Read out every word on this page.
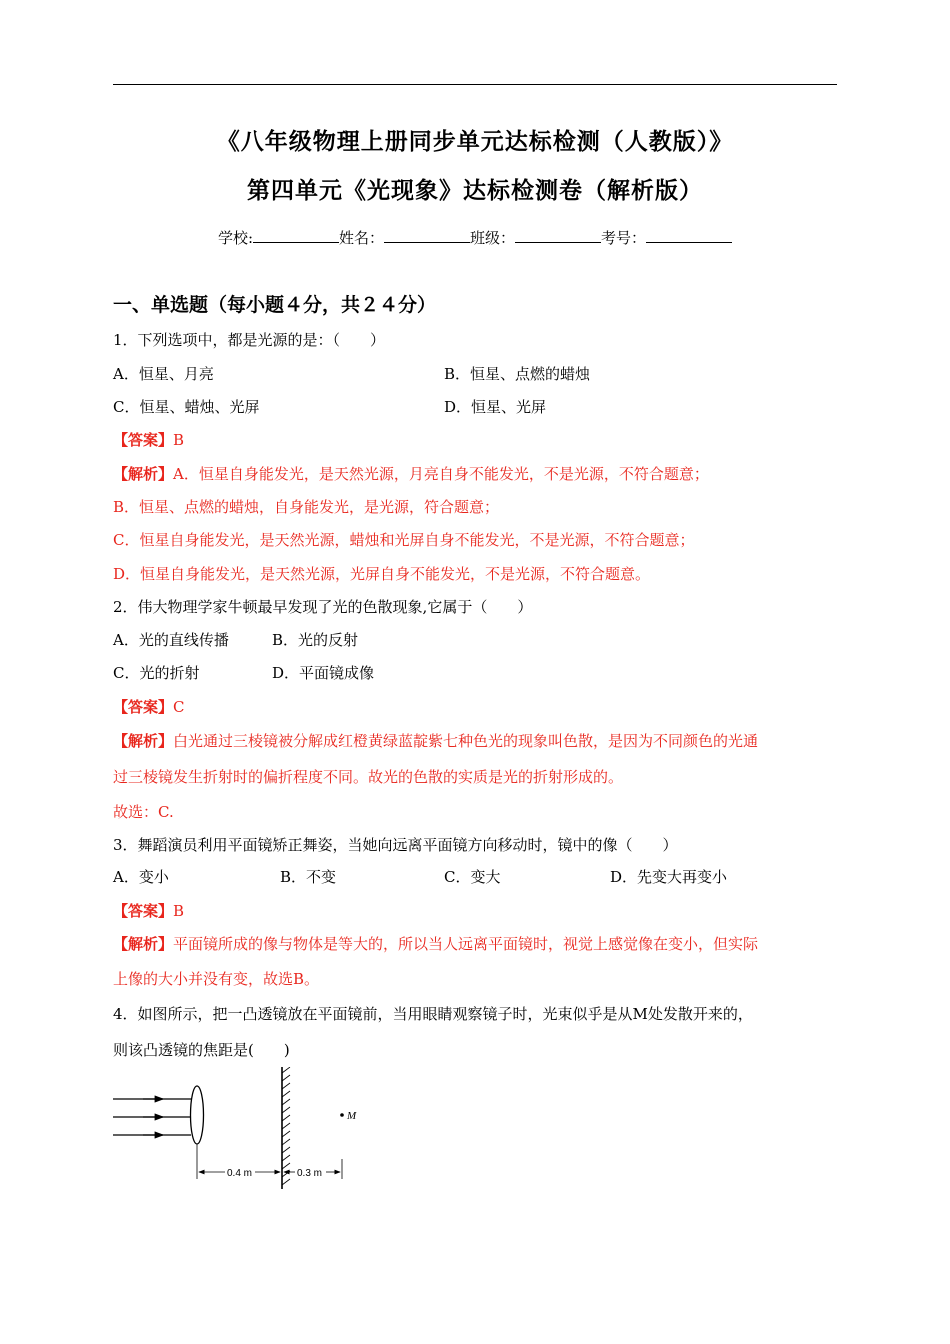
《八年级物理上册同步单元达标检测（人教版）》
第四单元《光现象》达标检测卷（解析版）
学校:	姓名：	班级：	考号：
一、单选题（每小题４分，共２４分）
1．下列选项中，都是光源的是：（　　）
A．恒星、月亮	B．恒星、点燃的蜡烛
C．恒星、蜡烛、光屏	D．恒星、光屏
【答案】B
【解析】A．恒星自身能发光，是天然光源，月亮自身不能发光，不是光源，不符合题意；
B．恒星、点燃的蜡烛，自身能发光，是光源，符合题意；
C．恒星自身能发光，是天然光源，蜡烛和光屏自身不能发光，不是光源，不符合题意；
D．恒星自身能发光，是天然光源，光屏自身不能发光，不是光源，不符合题意。
2．伟大物理学家牛顿最早发现了光的色散现象,它属于（　　）
A．光的直线传播	B．光的反射
C．光的折射	D．平面镜成像
【答案】C
【解析】白光通过三棱镜被分解成红橙黄绿蓝靛紫七种色光的现象叫色散，是因为不同颜色的光通
过三棱镜发生折射时的偏折程度不同。故光的色散的实质是光的折射形成的。
故选：C.
3．舞蹈演员利用平面镜矫正舞姿，当她向远离平面镜方向移动时，镜中的像（　　）
A．变小	B．不变	C．变大	D．先变大再变小
【答案】B
【解析】平面镜所成的像与物体是等大的，所以当人远离平面镜时，视觉上感觉像在变小，但实际
上像的大小并没有变，故选B。
4．如图所示，把一凸透镜放在平面镜前，当用眼睛观察镜子时，光束似乎是从M处发散开来的，
则该凸透镜的焦距是(　　)
M
0.4 m	0.3 m
